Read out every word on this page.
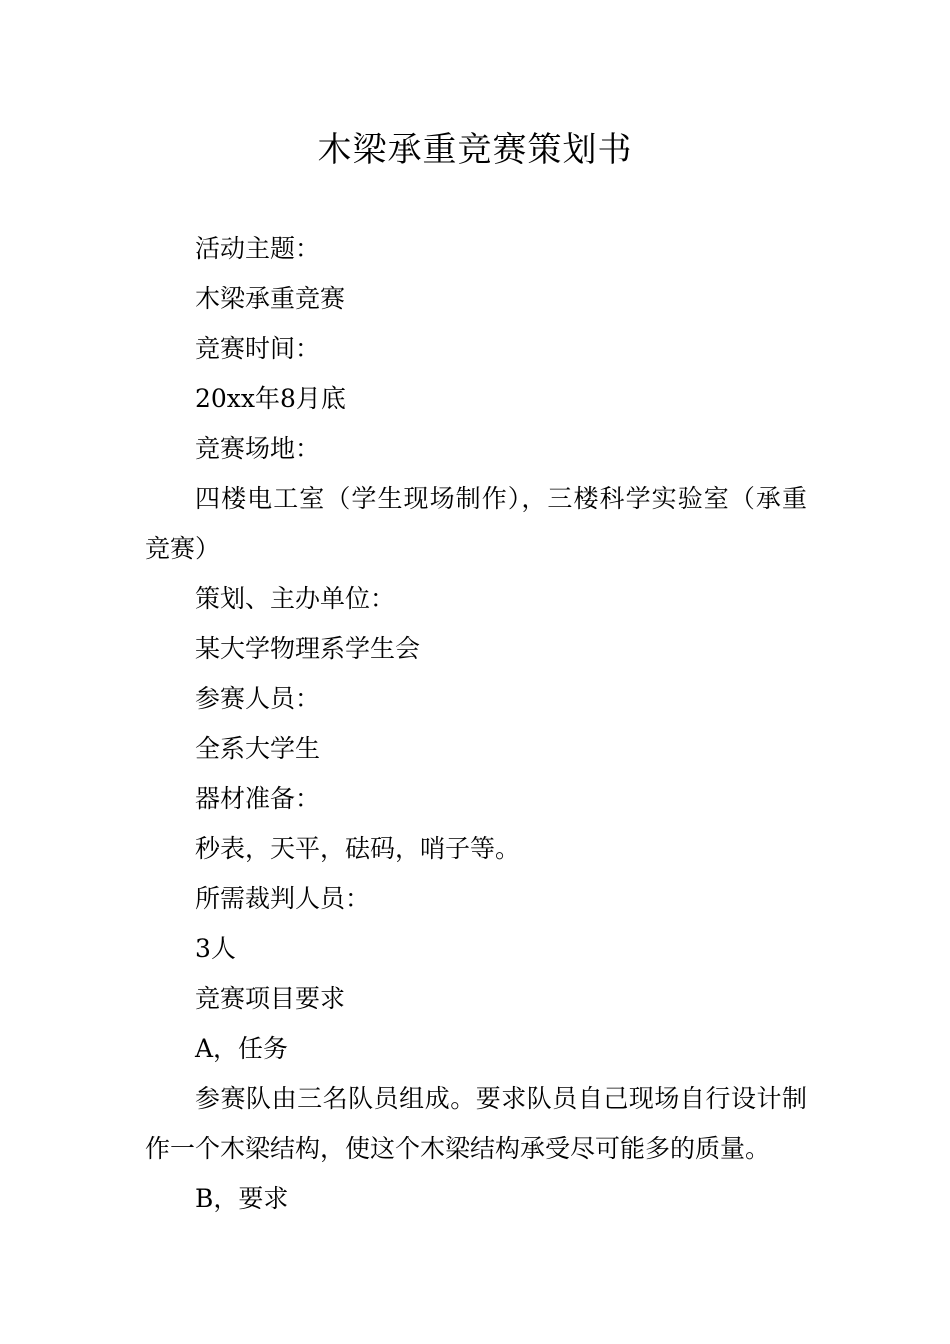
木梁承重竞赛策划书

活动主题：

木梁承重竞赛

竞赛时间：

20xx年8月底

竞赛场地：

四楼电工室（学生现场制作），三楼科学实验室（承重竞赛）

策划、主办单位：

某大学物理系学生会

参赛人员：

全系大学生

器材准备：

秒表，天平，砝码，哨子等。

所需裁判人员：

3人

竞赛项目要求

A，任务

参赛队由三名队员组成。要求队员自己现场自行设计制作一个木梁结构，使这个木梁结构承受尽可能多的质量。

B，要求
